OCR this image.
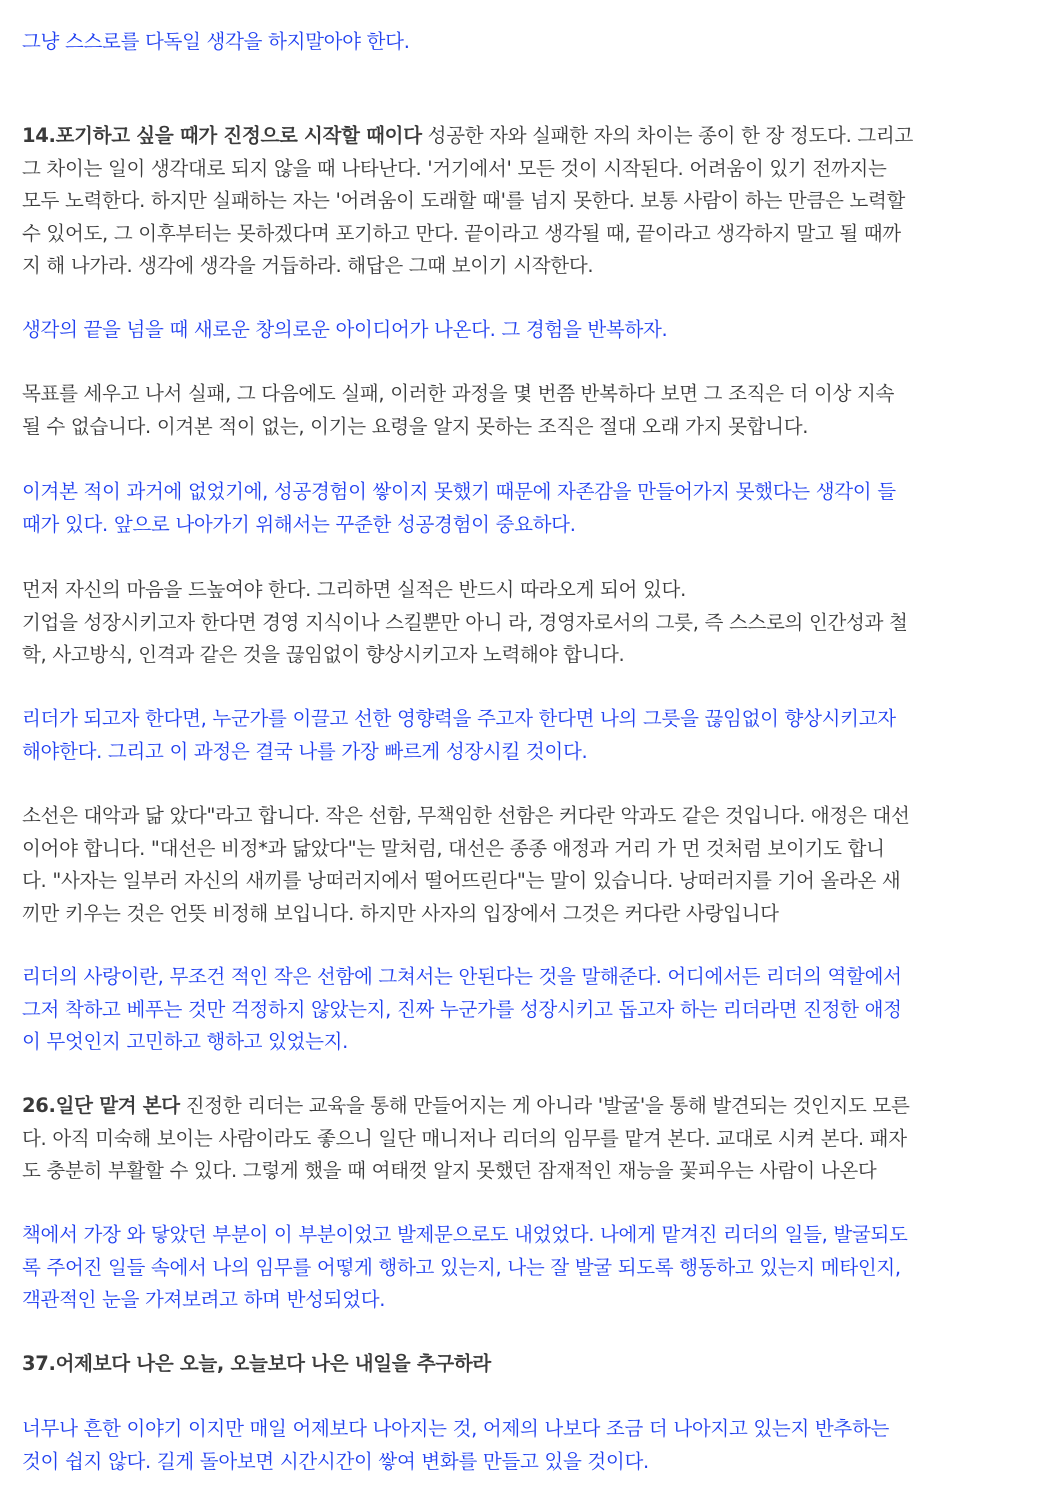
그냥 스스로를 다독일 생각을 하지말아야 한다.

14.포기하고 싶을 때가 진정으로 시작할 때이다 성공한 자와 실패한 자의 차이는 종이 한 장 정도다. 그리고
그 차이는 일이 생각대로 되지 않을 때 나타난다. '거기에서' 모든 것이 시작된다. 어려움이 있기 전까지는
모두 노력한다. 하지만 실패하는 자는 '어려움이 도래할 때'를 넘지 못한다. 보통 사람이 하는 만큼은 노력할
수 있어도, 그 이후부터는 못하겠다며 포기하고 만다. 끝이라고 생각될 때, 끝이라고 생각하지 말고 될 때까
지 해 나가라. 생각에 생각을 거듭하라. 해답은 그때 보이기 시작한다.

생각의 끝을 넘을 때 새로운 창의로운 아이디어가 나온다. 그 경험을 반복하자.

목표를 세우고 나서 실패, 그 다음에도 실패, 이러한 과정을 몇 번쯤 반복하다 보면 그 조직은 더 이상 지속
될 수 없습니다. 이겨본 적이 없는, 이기는 요령을 알지 못하는 조직은 절대 오래 가지 못합니다.

이겨본 적이 과거에 없었기에, 성공경험이 쌓이지 못했기 때문에 자존감을 만들어가지 못했다는 생각이 들
때가 있다. 앞으로 나아가기 위해서는 꾸준한 성공경험이 중요하다.

먼저 자신의 마음을 드높여야 한다. 그리하면 실적은 반드시 따라오게 되어 있다.
기업을 성장시키고자 한다면 경영 지식이나 스킬뿐만 아니 라, 경영자로서의 그릇, 즉 스스로의 인간성과 철
학, 사고방식, 인격과 같은 것을 끊임없이 향상시키고자 노력해야 합니다.

리더가 되고자 한다면, 누군가를 이끌고 선한 영향력을 주고자 한다면 나의 그릇을 끊임없이 향상시키고자
해야한다. 그리고 이 과정은 결국 나를 가장 빠르게 성장시킬 것이다.

소선은 대악과 닮 았다"라고 합니다. 작은 선함, 무책임한 선함은 커다란 악과도 같은 것입니다. 애정은 대선
이어야 합니다. "대선은 비정*과 닮았다"는 말처럼, 대선은 종종 애정과 거리 가 먼 것처럼 보이기도 합니
다. "사자는 일부러 자신의 새끼를 낭떠러지에서 떨어뜨린다"는 말이 있습니다. 낭떠러지를 기어 올라온 새
끼만 키우는 것은 언뜻 비정해 보입니다. 하지만 사자의 입장에서 그것은 커다란 사랑입니다

리더의 사랑이란, 무조건 적인 작은 선함에 그쳐서는 안된다는 것을 말해준다. 어디에서든 리더의 역할에서
그저 착하고 베푸는 것만 걱정하지 않았는지, 진짜 누군가를 성장시키고 돕고자 하는 리더라면 진정한 애정
이 무엇인지 고민하고 행하고 있었는지.

26.일단 맡겨 본다 진정한 리더는 교육을 통해 만들어지는 게 아니라 '발굴'을 통해 발견되는 것인지도 모른
다. 아직 미숙해 보이는 사람이라도 좋으니 일단 매니저나 리더의 임무를 맡겨 본다. 교대로 시켜 본다. 패자
도 충분히 부활할 수 있다. 그렇게 했을 때 여태껏 알지 못했던 잠재적인 재능을 꽃피우는 사람이 나온다

책에서 가장 와 닿았던 부분이 이 부분이었고 발제문으로도 내었었다. 나에게 맡겨진 리더의 일들, 발굴되도
록 주어진 일들 속에서 나의 임무를 어떻게 행하고 있는지, 나는 잘 발굴 되도록 행동하고 있는지 메타인지,
객관적인 눈을 가져보려고 하며 반성되었다.

37.어제보다 나은 오늘, 오늘보다 나은 내일을 추구하라

너무나 흔한 이야기 이지만 매일 어제보다 나아지는 것, 어제의 나보다 조금 더 나아지고 있는지 반추하는
것이 쉽지 않다. 길게 돌아보면 시간시간이 쌓여 변화를 만들고 있을 것이다.
